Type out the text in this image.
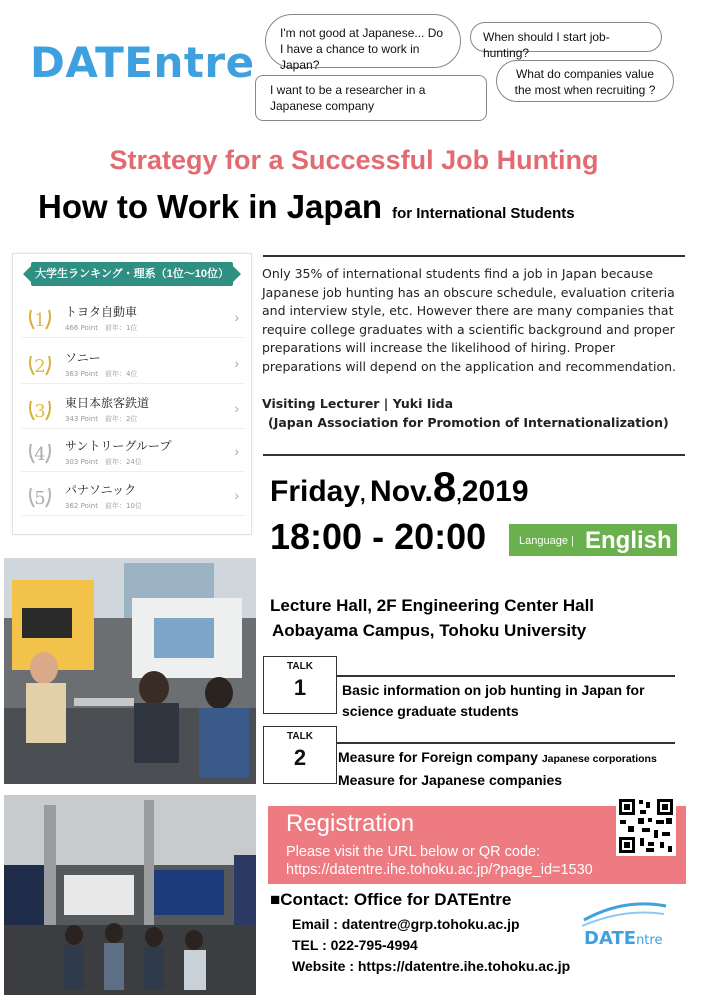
DATEntre
I'm not good at Japanese... Do I have a chance to work in Japan?
When should I start job-hunting?
I want to be a researcher in a Japanese company
What do companies value the most when recruiting ?
Strategy for a Successful Job Hunting
How to Work in Japan for International Students
大学生ランキング・理系（1位〜10位）
1 トヨタ自動車
466 Point　前年：1位
›
2 ソニー
363 Point　前年：4位
›
3 東日本旅客鉄道
343 Point　前年：2位
›
4 サントリーグループ
303 Point　前年：24位
›
5 パナソニック
362 Point　前年：10位
›
Only 35% of international students find a job in Japan because Japanese job hunting has an obscure schedule, evaluation criteria and interview style, etc. However there are many companies that require college graduates with a scientific background and proper preparations will increase the likelihood of hiring. Proper preparations will depend on the application and recommendation.
Visiting Lecturer | Yuki Iida
(Japan Association for Promotion of Internationalization)
Friday, Nov.8,2019
18:00 - 20:00	Language | English
Lecture Hall, 2F Engineering Center Hall
Aobayama Campus, Tohoku University
TALK
1	Basic information on job hunting in Japan for
science graduate students
TALK
2	Measure for Foreign company Japanese corporations
Measure for Japanese companies
Registration
Please visit the URL below or QR code:
https://datentre.ihe.tohoku.ac.jp/?page_id=1530
■Contact: Office for DATEntre
Email : datentre@grp.tohoku.ac.jp
TEL : 022-795-4994
Website : https://datentre.ihe.tohoku.ac.jp
DATEntre
